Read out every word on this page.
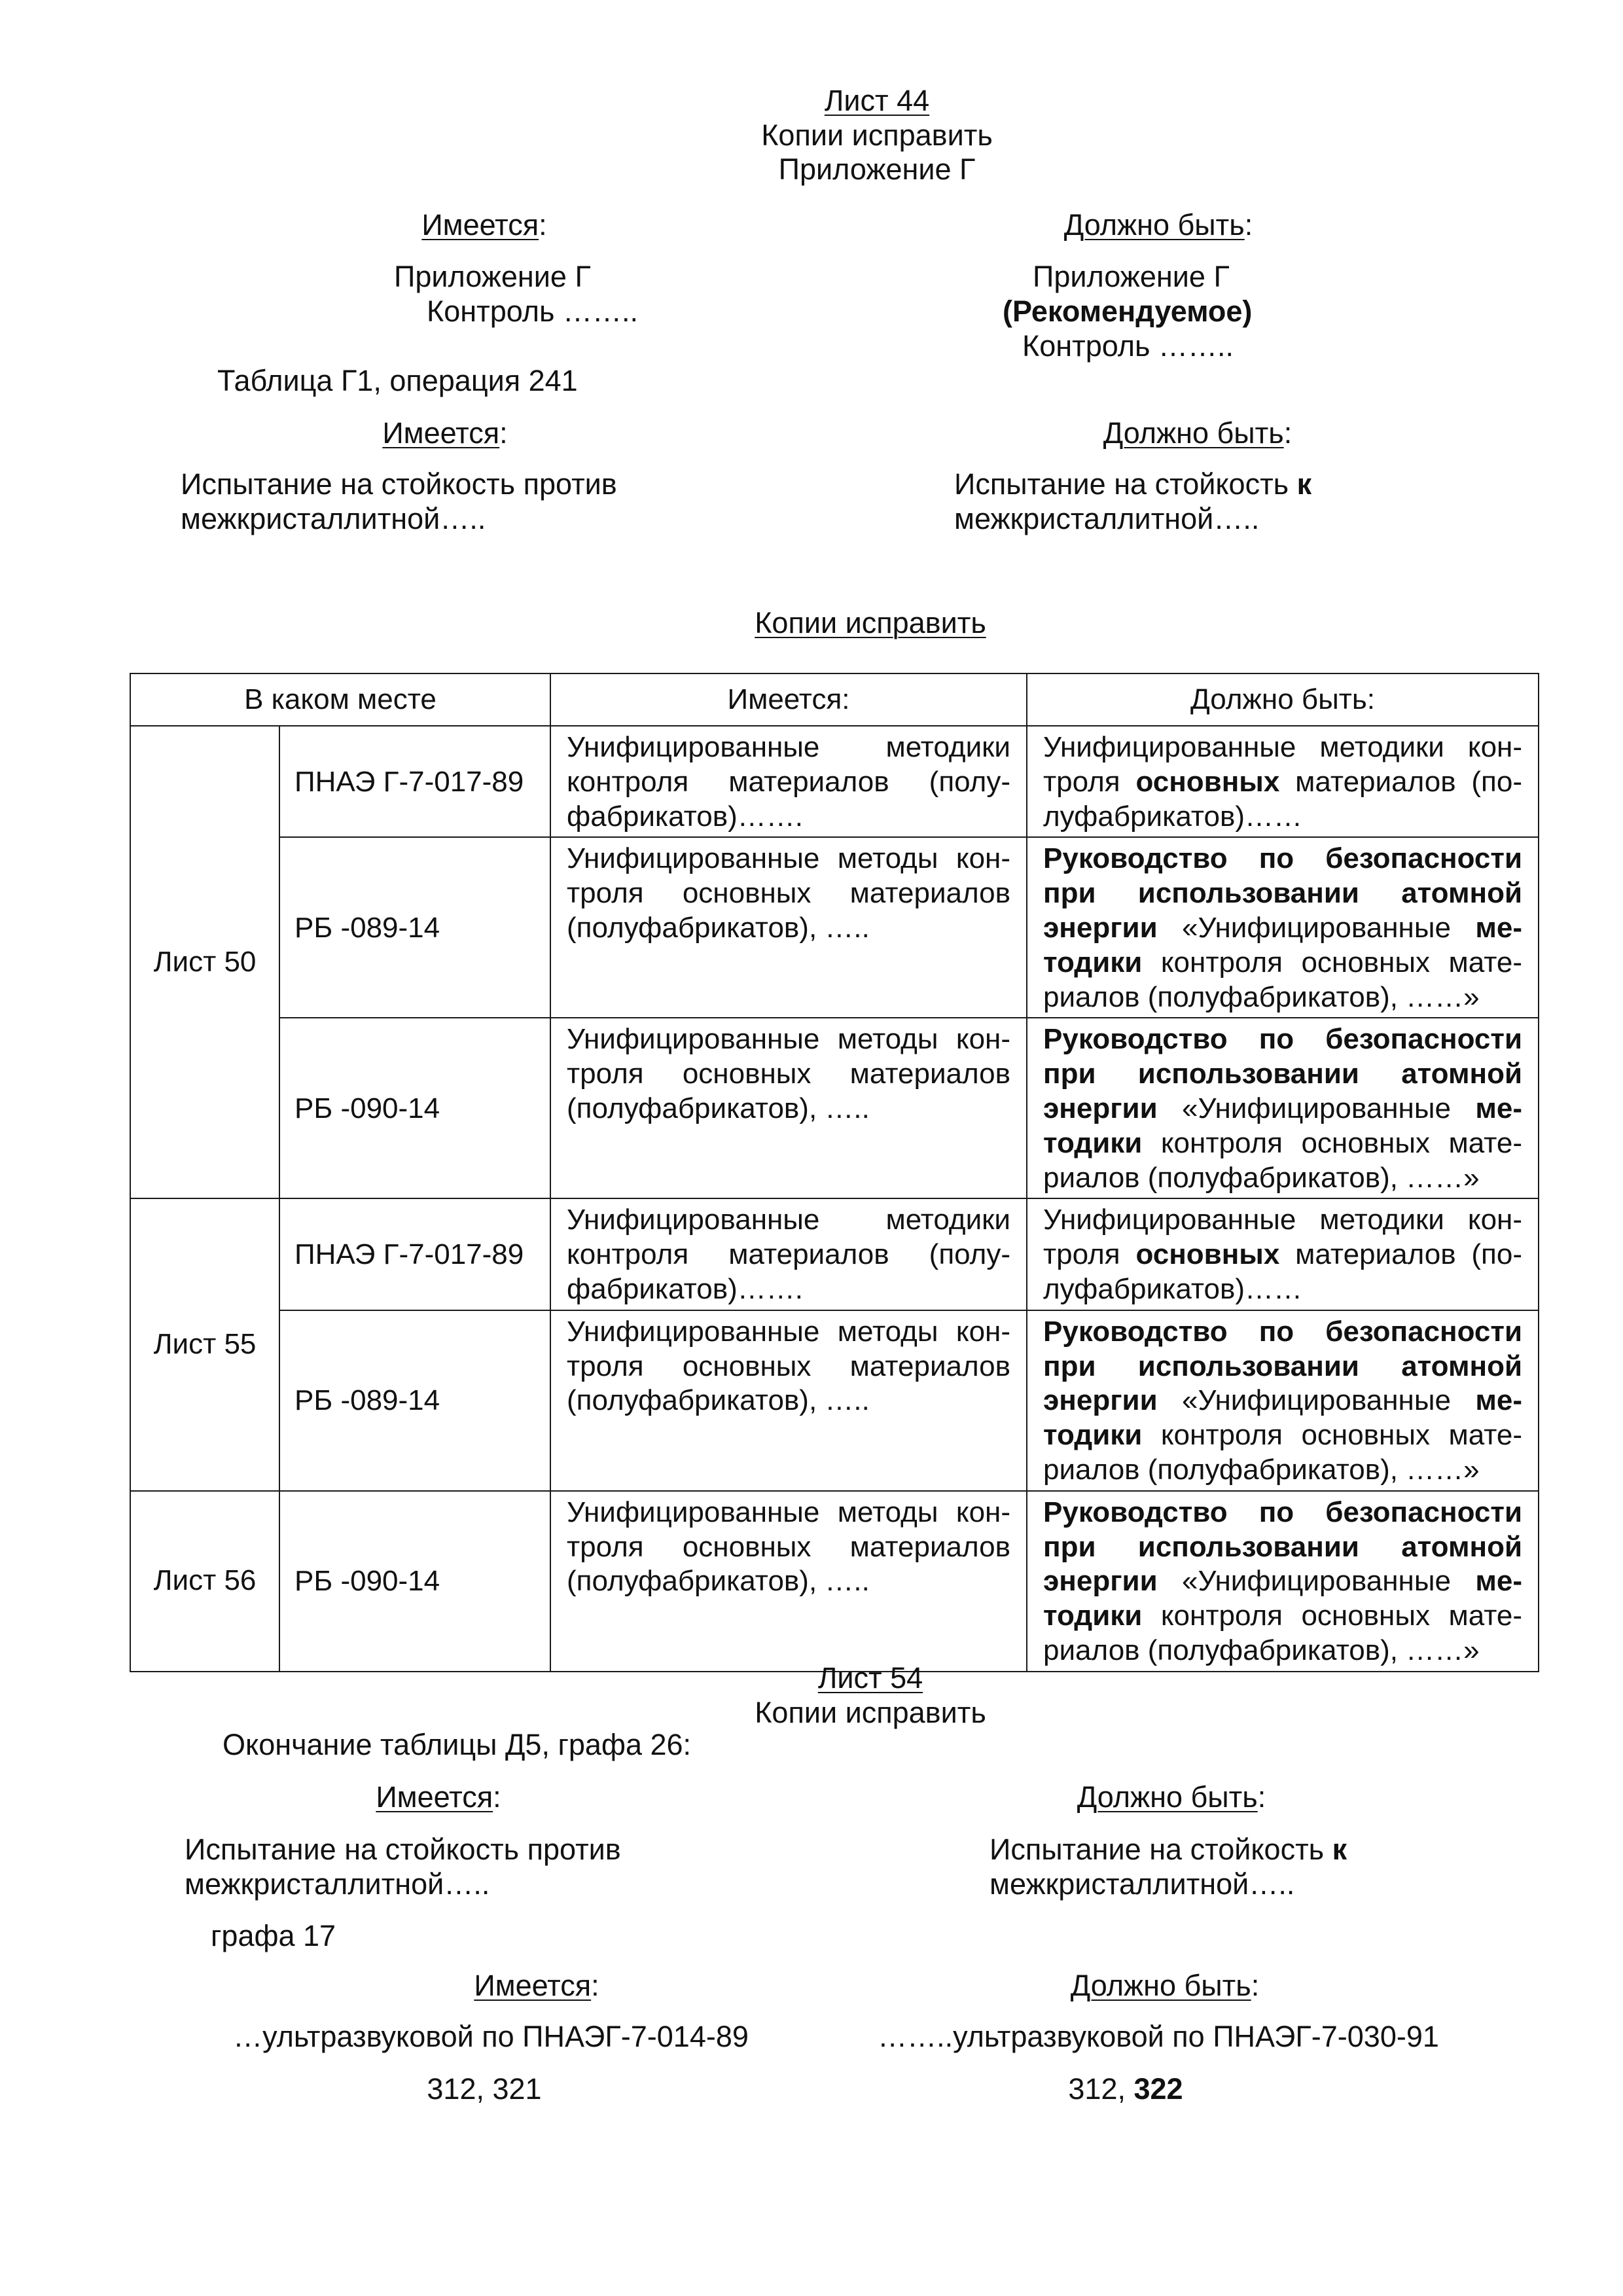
Лист 44
Копии исправить
Приложение Г
Имеется:	Должно быть:
Приложение Г
Контроль ……..
Приложение Г
(Рекомендуемое)
Контроль ……..
Таблица Г1, операция 241
Имеется:	Должно быть:
Испытание на стойкость против
межкристаллитной…..
Испытание на стойкость к
межкристаллитной…..
Копии исправить
В каком месте		Имеется:	Должно быть:
Лист 50	ПНАЭ Г-7-017-89	Унифицированные методики
контроля материалов (полу-

фабрикатов)…….	Унифицированные методики кон-
троля основных материалов (по-

луфабрикатов)……

	РБ -089-14	Унифицированные методы кон-
троля основных материалов

(полуфабрикатов), …..	Руководство по безопасности
при использовании атомной
энергии «Унифицированные ме-
тодики контроля основных мате-

риалов (полуфабрикатов), ……»

	РБ -090-14	Унифицированные методы кон-
троля основных материалов

(полуфабрикатов), …..	Руководство по безопасности
при использовании атомной
энергии «Унифицированные ме-
тодики контроля основных мате-

риалов (полуфабрикатов), ……»

Лист 55	ПНАЭ Г-7-017-89	Унифицированные методики
контроля материалов (полу-

фабрикатов)…….	Унифицированные методики кон-
троля основных материалов (по-

луфабрикатов)……

	РБ -089-14	Унифицированные методы кон-
троля основных материалов

(полуфабрикатов), …..	Руководство по безопасности
при использовании атомной
энергии «Унифицированные ме-
тодики контроля основных мате-

риалов (полуфабрикатов), ……»

Лист 56	РБ -090-14	Унифицированные методы кон-
троля основных материалов

(полуфабрикатов), …..	Руководство по безопасности
при использовании атомной
энергии «Унифицированные ме-
тодики контроля основных мате-

риалов (полуфабрикатов), ……»
Лист 54
Копии исправить
Окончание таблицы Д5, графа 26:
Имеется:	Должно быть:
Испытание на стойкость против
межкристаллитной…..
Испытание на стойкость к
межкристаллитной…..
графа 17
Имеется:	Должно быть:
…ультразвуковой по ПНАЭГ-7-014-89	……..ультразвуковой по ПНАЭГ-7-030-91
312, 321	312, 322
